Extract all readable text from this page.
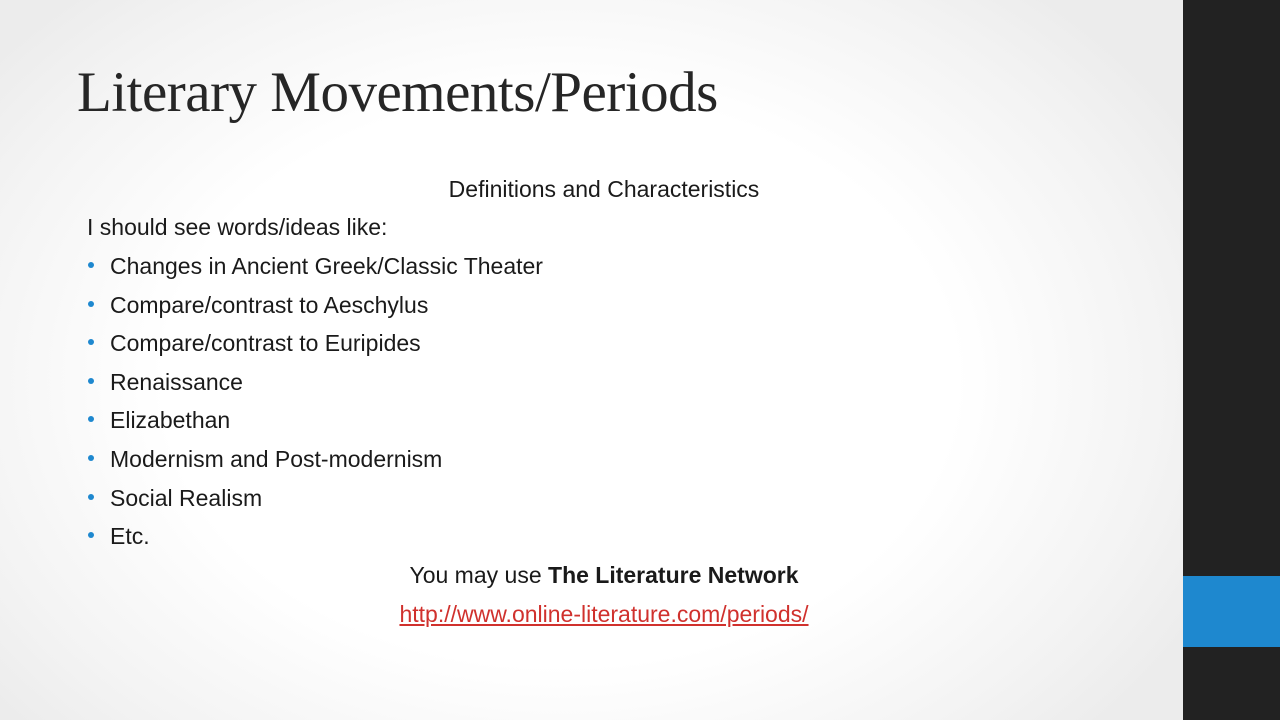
Literary Movements/Periods
Definitions and Characteristics
I should see words/ideas like:
Changes in Ancient Greek/Classic Theater
Compare/contrast to Aeschylus
Compare/contrast to Euripides
Renaissance
Elizabethan
Modernism and Post-modernism
Social Realism
Etc.
You may use The Literature Network
http://www.online-literature.com/periods/
